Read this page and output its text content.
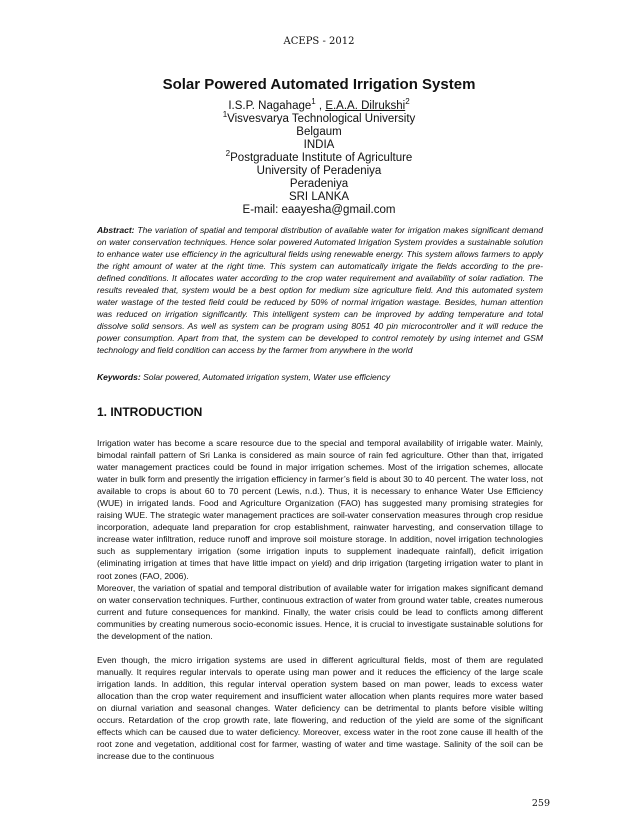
ACEPS - 2012
Solar Powered Automated Irrigation System
I.S.P. Nagahage$^1$ , E.A.A. Dilrukshi$^2$
$^1$Visvesvarya Technological University
Belgaum
INDIA
$^2$Postgraduate Institute of Agriculture
University of Peradeniya
Peradeniya
SRI LANKA
E-mail: eaayesha@gmail.com
Abstract: The variation of spatial and temporal distribution of available water for irrigation makes significant demand on water conservation techniques. Hence solar powered Automated Irrigation System provides a sustainable solution to enhance water use efficiency in the agricultural fields using renewable energy. This system allows farmers to apply the right amount of water at the right time. This system can automatically irrigate the fields according to the pre-defined conditions. It allocates water according to the crop water requirement and availability of solar radiation. The results revealed that, system would be a best option for medium size agriculture field. And this automated system water wastage of the tested field could be reduced by 50% of normal irrigation wastage. Besides, human attention was reduced on irrigation significantly. This intelligent system can be improved by adding temperature and total dissolve solid sensors. As well as system can be program using 8051 40 pin microcontroller and it will reduce the power consumption. Apart from that, the system can be developed to control remotely by using internet and GSM technology and field condition can access by the farmer from anywhere in the world
Keywords: Solar powered, Automated irrigation system, Water use efficiency
1. INTRODUCTION

Irrigation water has become a scare resource due to the special and temporal availability of irrigable water. Mainly, bimodal rainfall pattern of Sri Lanka is considered as main source of rain fed agriculture. Other than that, irrigated water management practices could be found in major irrigation schemes. Most of the irrigation schemes, allocate water in bulk form and presently the irrigation efficiency in farmer’s field is about 30 to 40 percent. The water loss, not available to crops is about 60 to 70 percent (Lewis, n.d.). Thus, it is necessary to enhance Water Use Efficiency (WUE) in irrigated lands. Food and Agriculture Organization (FAO) has suggested many promising strategies for raising WUE. The strategic water management practices are soil-water conservation measures through crop residue incorporation, adequate land preparation for crop establishment, rainwater harvesting, and conservation tillage to increase water infiltration, reduce runoff and improve soil moisture storage. In addition, novel irrigation technologies such as supplementary irrigation (some irrigation inputs to supplement inadequate rainfall), deficit irrigation (eliminating irrigation at times that have little impact on yield) and drip irrigation (targeting irrigation water to plant in root zones (FAO, 2006).

Moreover, the variation of spatial and temporal distribution of available water for irrigation makes significant demand on water conservation techniques. Further, continuous extraction of water from ground water table, creates numerous current and future consequences for mankind. Finally, the water crisis could be lead to conflicts among different communities by creating numerous socio-economic issues. Hence, it is crucial to investigate sustainable solutions for the development of the nation.

Even though, the micro irrigation systems are used in different agricultural fields, most of them are regulated manually. It requires regular intervals to operate using man power and it reduces the efficiency of the large scale irrigation lands. In addition, this regular interval operation system based on man power, leads to excess water allocation than the crop water requirement and insufficient water allocation when plants requires more water based on diurnal variation and seasonal changes. Water deficiency can be detrimental to plants before visible wilting occurs. Retardation of the crop growth rate, late flowering, and reduction of the yield are some of the significant effects which can be caused due to water deficiency. Moreover, excess water in the root zone cause ill health of the root zone and vegetation, additional cost for farmer, wasting of water and time wastage. Salinity of the soil can be increase due to the continuous

259
